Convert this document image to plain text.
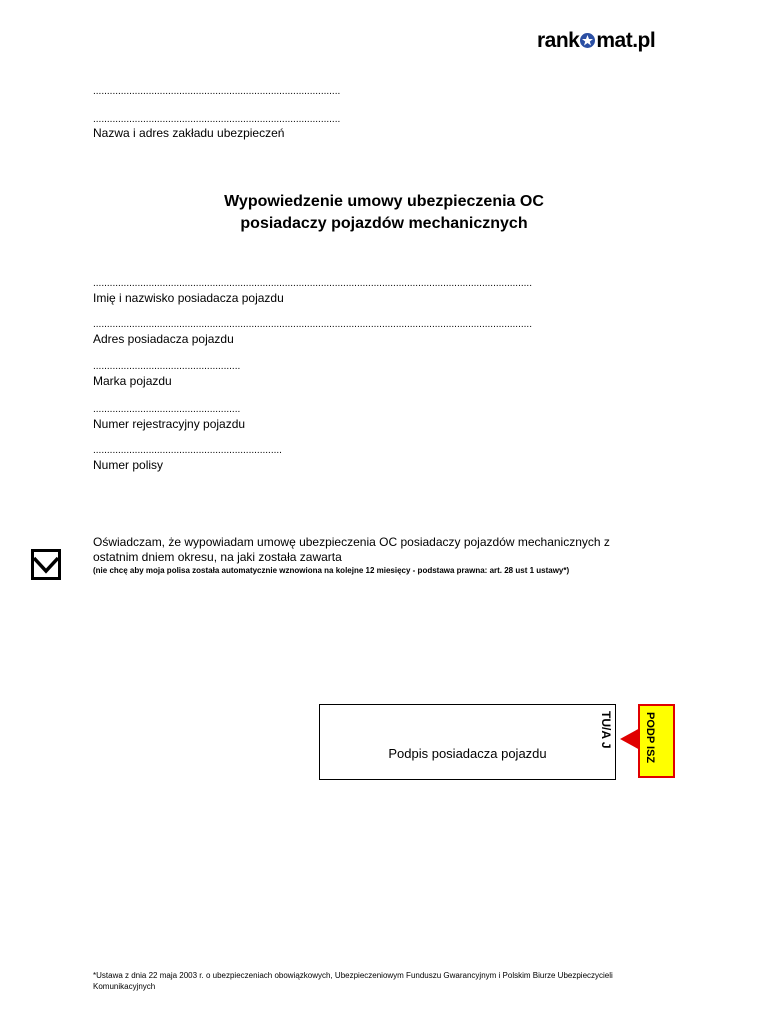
rank mat.pl
.........................................................................................
.........................................................................................
Nazwa i adres zakładu ubezpieczeń
Wypowiedzenie umowy ubezpieczenia OC
posiadaczy pojazdów mechanicznych
..............................................................................................................................................................
Imię i nazwisko posiadacza pojazdu
..............................................................................................................................................................
Adres posiadacza pojazdu
.....................................................
Marka pojazdu
.....................................................
Numer rejestracyjny pojazdu
....................................................................
Numer polisy
Oświadczam, że wypowiadam umowę ubezpieczenia OC posiadaczy pojazdów mechanicznych z
ostatnim dniem okresu, na jaki została zawarta
(nie chcę aby moja polisa została automatycznie wznowiona na kolejne 12 miesięcy - podstawa prawna: art. 28 ust 1 ustawy*)
Podpis posiadacza pojazdu
TU/A J	PODP ISZ
*Ustawa z dnia 22 maja 2003 r. o ubezpieczeniach obowiązkowych, Ubezpieczeniowym Funduszu Gwarancyjnym i Polskim Biurze Ubezpieczycieli Komunikacyjnych
